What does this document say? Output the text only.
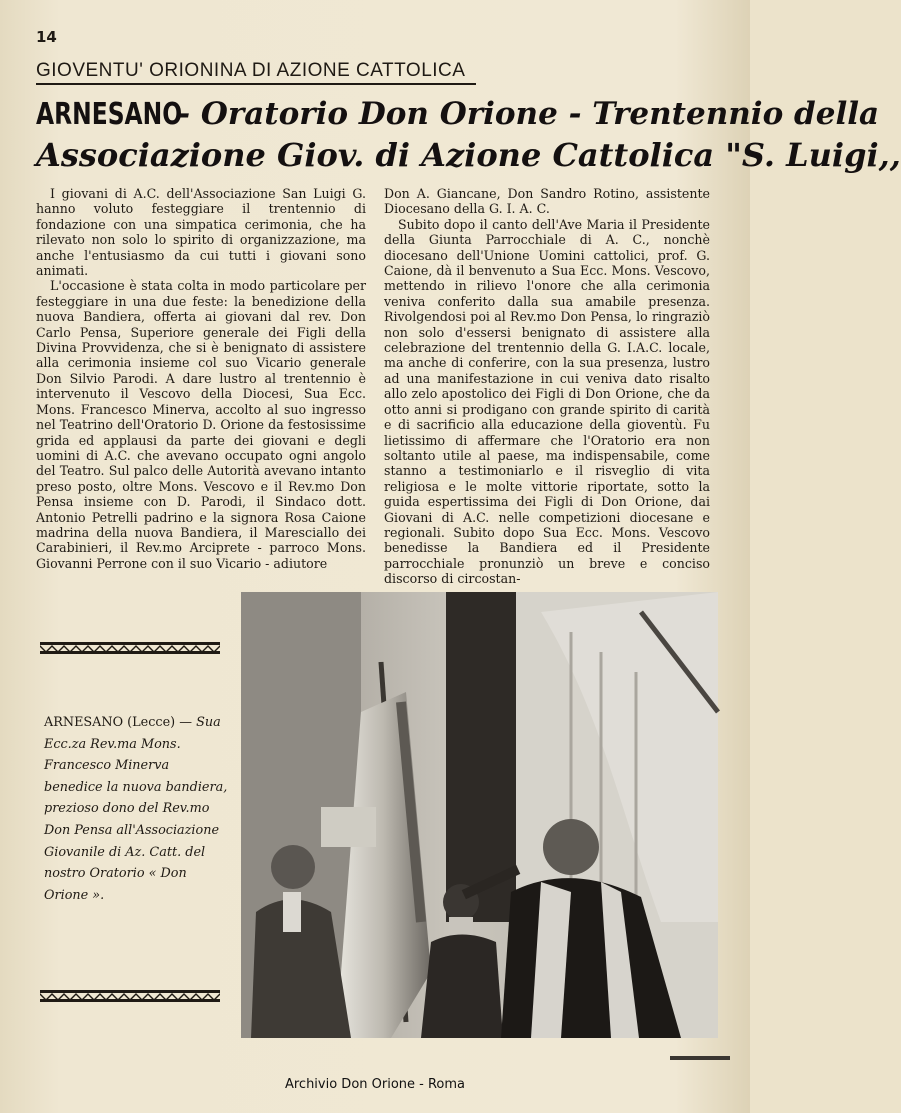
14
GIOVENTU' ORIONINA DI AZIONE CATTOLICA
ARNESANO - Oratorio Don Orione - Trentennio della
Associazione Giov. di Azione Cattolica "S. Luigi,,

I giovani di A.C. dell'Associazione San Luigi G. hanno voluto festeggiare il trentennio di fondazione con una simpatica cerimonia, che ha rilevato non solo lo spirito di organizzazione, ma anche l'entusiasmo da cui tutti i giovani sono animati.

L'occasione è stata colta in modo particolare per festeggiare in una due feste: la benedizione della nuova Bandiera, offerta ai giovani dal rev. Don Carlo Pensa, Superiore generale dei Figli della Divina Provvidenza, che si è benignato di assistere alla cerimonia insieme col suo Vicario generale Don Silvio Parodi. A dare lustro al trentennio è intervenuto il Vescovo della Diocesi, Sua Ecc. Mons. Francesco Minerva, accolto al suo ingresso nel Teatrino dell'Oratorio D. Orione da festosissime grida ed applausi da parte dei giovani e degli uomini di A.C. che avevano occupato ogni angolo del Teatro. Sul palco delle Autorità avevano intanto preso posto, oltre Mons. Vescovo e il Rev.mo Don Pensa insieme con D. Parodi, il Sindaco dott. Antonio Petrelli padrino e la signora Rosa Caione madrina della nuova Bandiera, il Maresciallo dei Carabinieri, il Rev.mo Arciprete - parroco Mons. Giovanni Perrone con il suo Vicario - adiutore

Don A. Giancane, Don Sandro Rotino, assistente Diocesano della G. I. A. C.

Subito dopo il canto dell'Ave Maria il Presidente della Giunta Parrocchiale di A. C., nonchè diocesano dell'Unione Uomini cattolici, prof. G. Caione, dà il benvenuto a Sua Ecc. Mons. Vescovo, mettendo in rilievo l'onore che alla cerimonia veniva conferito dalla sua amabile presenza. Rivolgendosi poi al Rev.mo Don Pensa, lo ringraziò non solo d'essersi benignato di assistere alla celebrazione del trentennio della G. I.A.C. locale, ma anche di conferire, con la sua presenza, lustro ad una manifestazione in cui veniva dato risalto allo zelo apostolico dei Figli di Don Orione, che da otto anni si prodigano con grande spirito di carità e di sacrificio alla educazione della gioventù. Fu lietissimo di affermare che l'Oratorio era non soltanto utile al paese, ma indispensabile, come stanno a testimoniarlo e il risveglio di vita religiosa e le molte vittorie riportate, sotto la guida espertissima dei Figli di Don Orione, dai Giovani di A.C. nelle competizioni diocesane e regionali. Subito dopo Sua Ecc. Mons. Vescovo benedisse la Bandiera ed il Presidente parrocchiale pronunziò un breve e conciso discorso di circostan-

ARNESANO (Lecce) — Sua Ecc.za Rev.ma Mons. Francesco Minerva benedice la nuova bandiera, prezioso dono del Rev.mo Don Pensa all'Associazione Giovanile di Az. Catt. del nostro Oratorio « Don Orione ».
Archivio Don Orione - Roma
